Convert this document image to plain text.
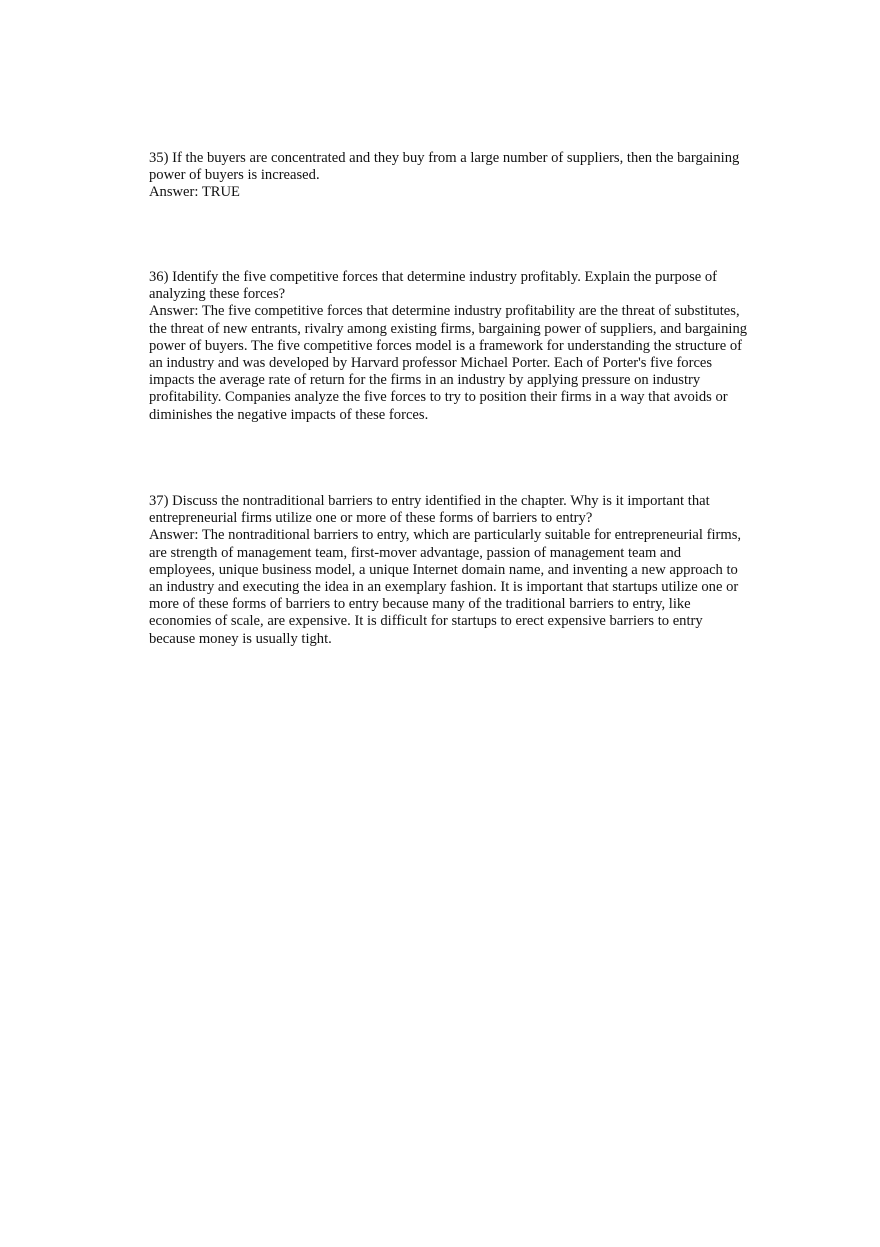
35) If the buyers are concentrated and they buy from a large number of suppliers, then the bargaining power of buyers is increased.

Answer: TRUE

36) Identify the five competitive forces that determine industry profitably. Explain the purpose of analyzing these forces?

Answer: The five competitive forces that determine industry profitability are the threat of substitutes, the threat of new entrants, rivalry among existing firms, bargaining power of suppliers, and bargaining power of buyers. The five competitive forces model is a framework for understanding the structure of an industry and was developed by Harvard professor Michael Porter. Each of Porter's five forces impacts the average rate of return for the firms in an industry by applying pressure on industry profitability. Companies analyze the five forces to try to position their firms in a way that avoids or diminishes the negative impacts of these forces.

37) Discuss the nontraditional barriers to entry identified in the chapter. Why is it important that entrepreneurial firms utilize one or more of these forms of barriers to entry?

Answer: The nontraditional barriers to entry, which are particularly suitable for entrepreneurial firms, are strength of management team, first-mover advantage, passion of management team and employees, unique business model, a unique Internet domain name, and inventing a new approach to an industry and executing the idea in an exemplary fashion. It is important that startups utilize one or more of these forms of barriers to entry because many of the traditional barriers to entry, like economies of scale, are expensive. It is difficult for startups to erect expensive barriers to entry because money is usually tight.
